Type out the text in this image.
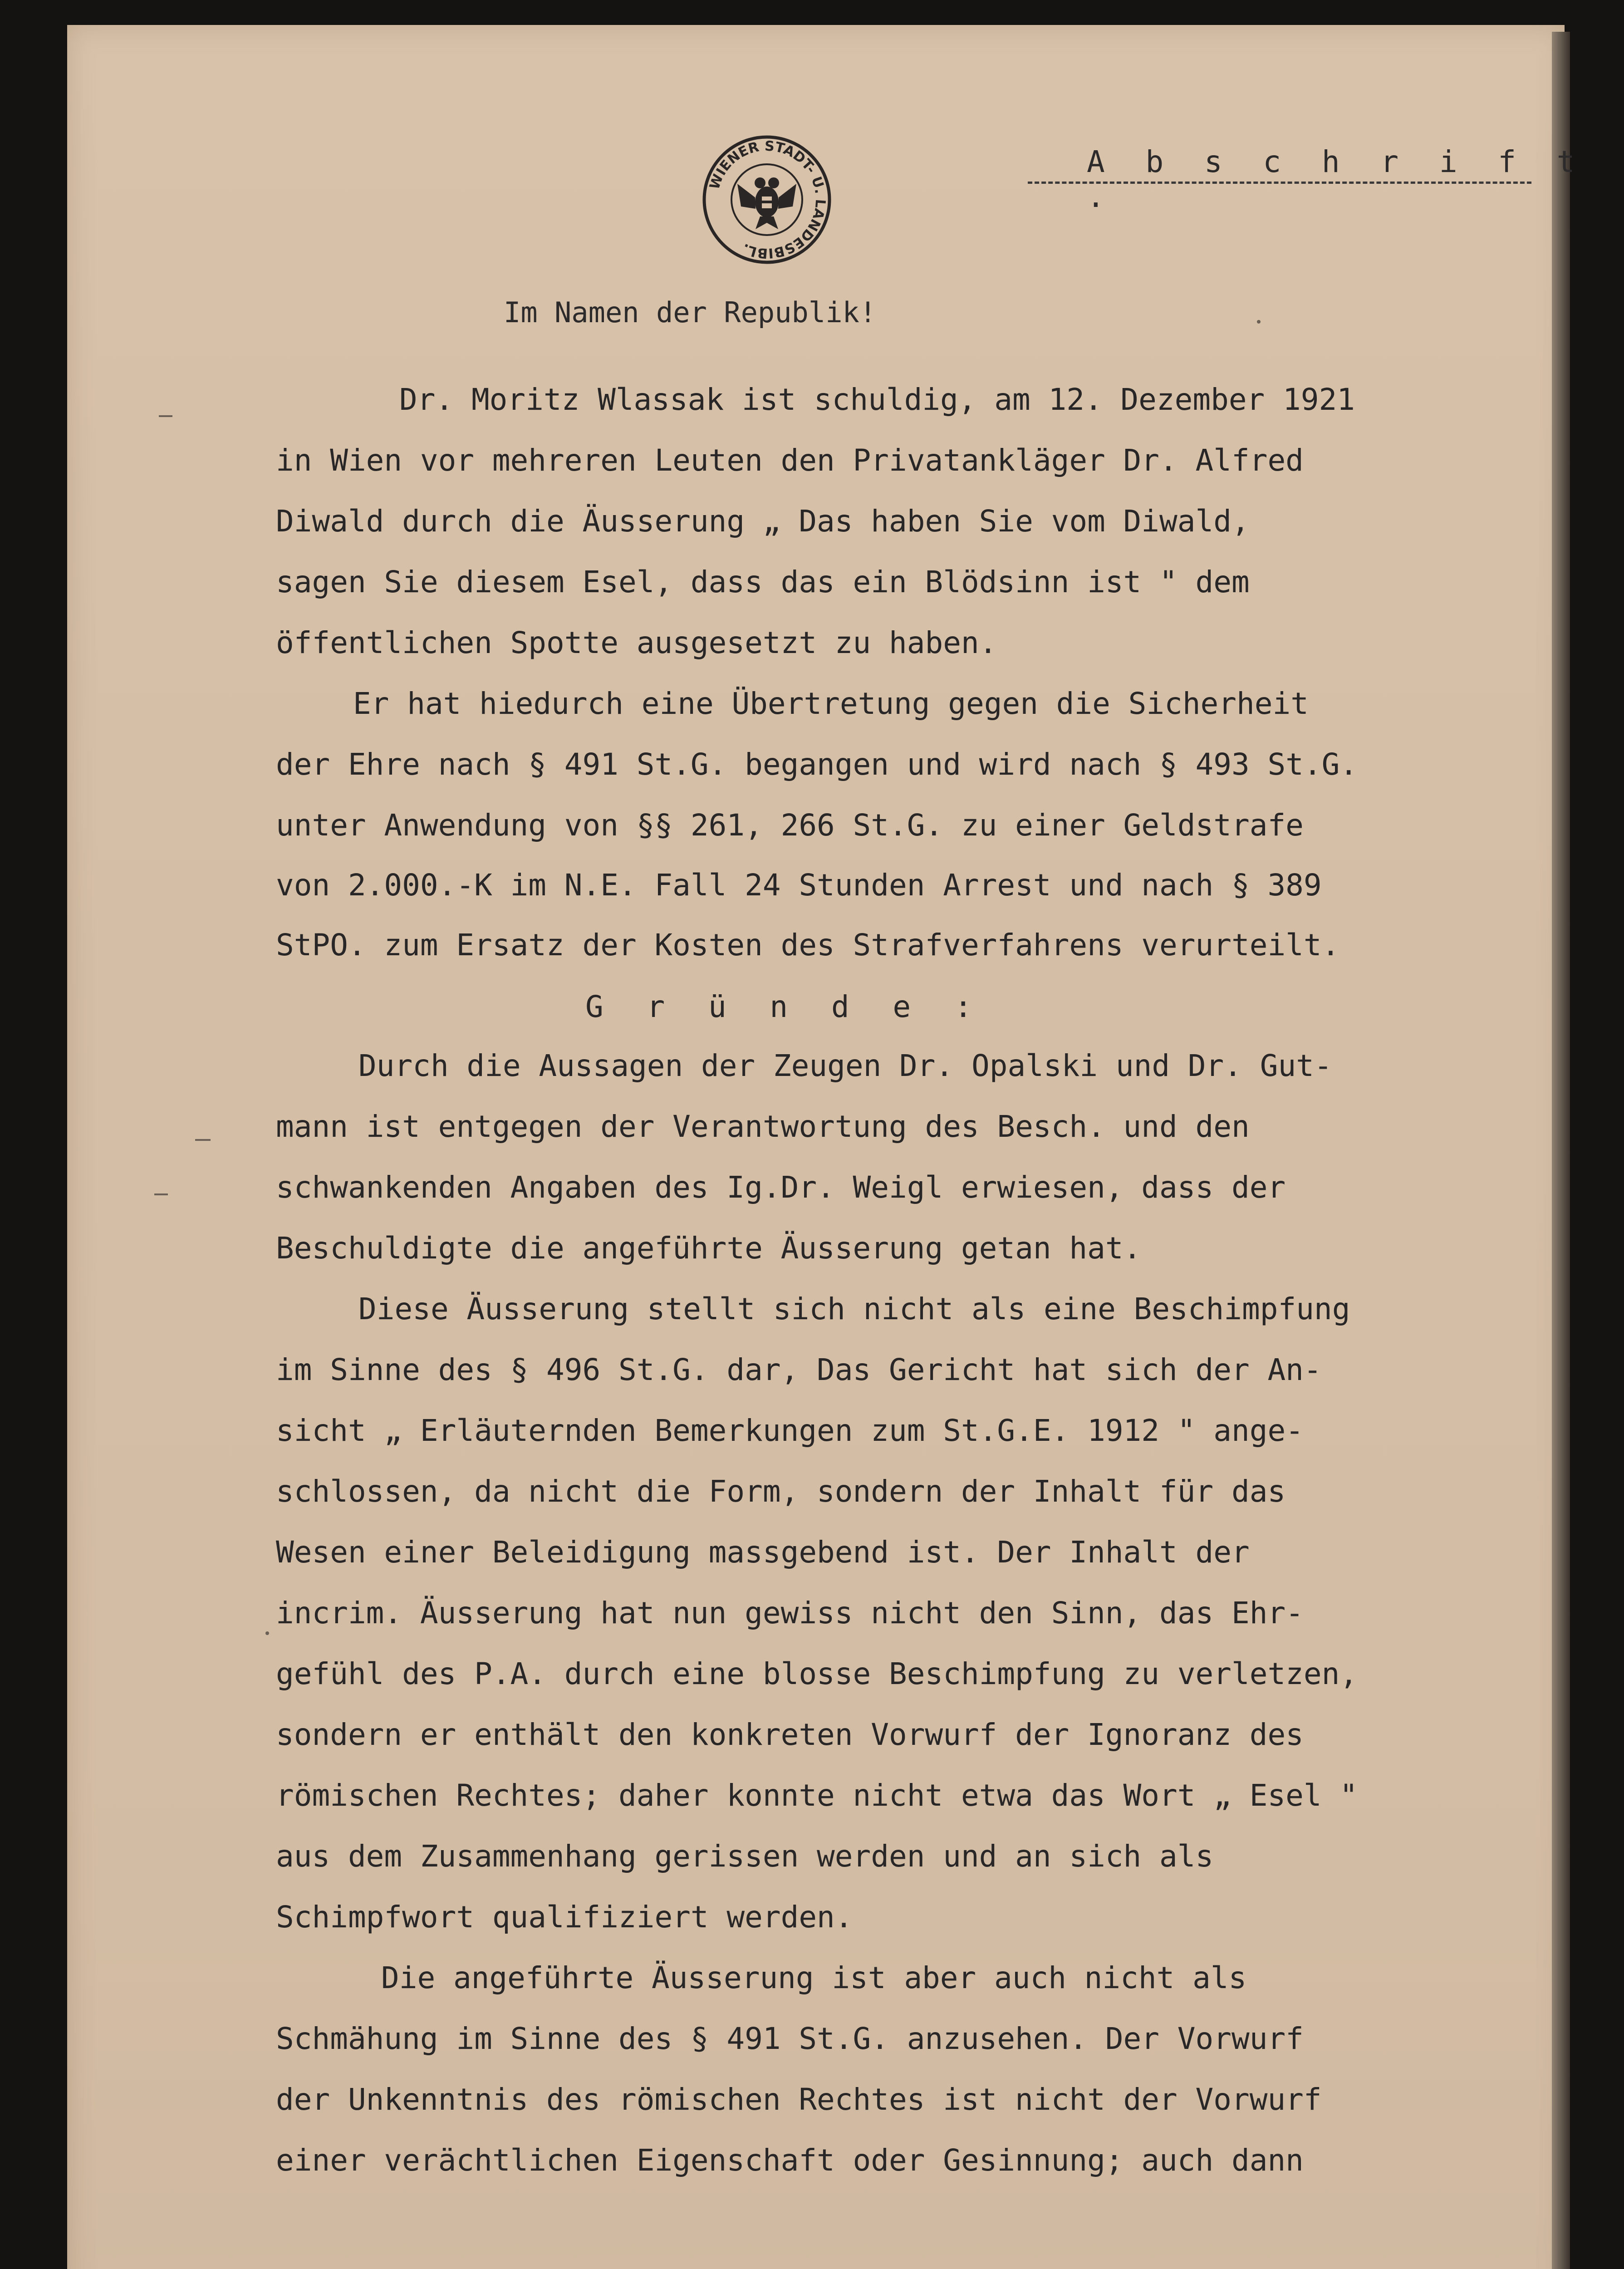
WIENER STADT- U. LANDESBIBL.
A b s c h r i f t .
Im Namen der Republik!
Dr. Moritz Wlassak ist schuldig, am 12. Dezember 1921
in Wien vor mehreren Leuten den Privatankläger Dr. Alfred
Diwald durch die Äusserung „ Das haben Sie vom Diwald,
sagen Sie diesem Esel, dass das ein Blödsinn ist " dem
öffentlichen Spotte ausgesetzt zu haben.
Er hat hiedurch eine Übertretung gegen die Sicherheit
der Ehre nach § 491 St.G. begangen und wird nach § 493 St.G.
unter Anwendung von §§ 261, 266 St.G. zu einer Geldstrafe
von 2.000.-K im N.E. Fall 24 Stunden Arrest und nach § 389
StPO. zum Ersatz der Kosten des Strafverfahrens verurteilt.
G r ü n d e :
Durch die Aussagen der Zeugen Dr. Opalski und Dr. Gut-
mann ist entgegen der Verantwortung des Besch. und den
schwankenden Angaben des Ig.Dr. Weigl erwiesen, dass der
Beschuldigte die angeführte Äusserung getan hat.
Diese Äusserung stellt sich nicht als eine Beschimpfung
im Sinne des § 496 St.G. dar, Das Gericht hat sich der An-
sicht „ Erläuternden Bemerkungen zum St.G.E. 1912 " ange-
schlossen, da nicht die Form, sondern der Inhalt für das
Wesen einer Beleidigung massgebend ist. Der Inhalt der
incrim. Äusserung hat nun gewiss nicht den Sinn, das Ehr-
gefühl des P.A. durch eine blosse Beschimpfung zu verletzen,
sondern er enthält den konkreten Vorwurf der Ignoranz des
römischen Rechtes; daher konnte nicht etwa das Wort „ Esel "
aus dem Zusammenhang gerissen werden und an sich als
Schimpfwort qualifiziert werden.
Die angeführte Äusserung ist aber auch nicht als
Schmähung im Sinne des § 491 St.G. anzusehen. Der Vorwurf
der Unkenntnis des römischen Rechtes ist nicht der Vorwurf
einer verächtlichen Eigenschaft oder Gesinnung; auch dann
